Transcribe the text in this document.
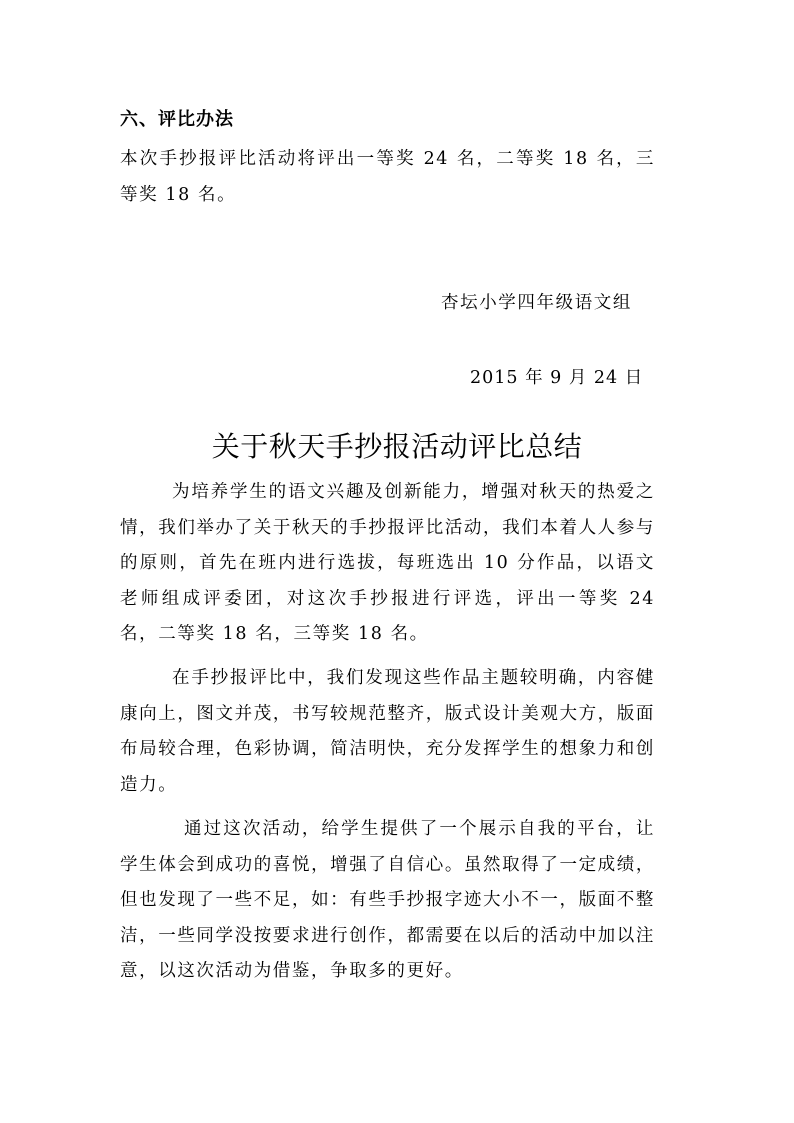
六、评比办法

本次手抄报评比活动将评出一等奖 24 名，二等奖 18 名，三等奖 18 名。

杏坛小学四年级语文组
2015 年 9 月 24 日
关于秋天手抄报活动评比总结

为培养学生的语文兴趣及创新能力，增强对秋天的热爱之情，我们举办了关于秋天的手抄报评比活动，我们本着人人参与的原则，首先在班内进行选拔，每班选出 10 分作品，以语文老师组成评委团，对这次手抄报进行评选，评出一等奖 24 名，二等奖 18 名，三等奖 18 名。

在手抄报评比中，我们发现这些作品主题较明确，内容健康向上，图文并茂，书写较规范整齐，版式设计美观大方，版面布局较合理，色彩协调，简洁明快，充分发挥学生的想象力和创造力。

通过这次活动，给学生提供了一个展示自我的平台，让学生体会到成功的喜悦，增强了自信心。虽然取得了一定成绩，但也发现了一些不足，如：有些手抄报字迹大小不一，版面不整洁，一些同学没按要求进行创作，都需要在以后的活动中加以注意，以这次活动为借鉴，争取多的更好。
